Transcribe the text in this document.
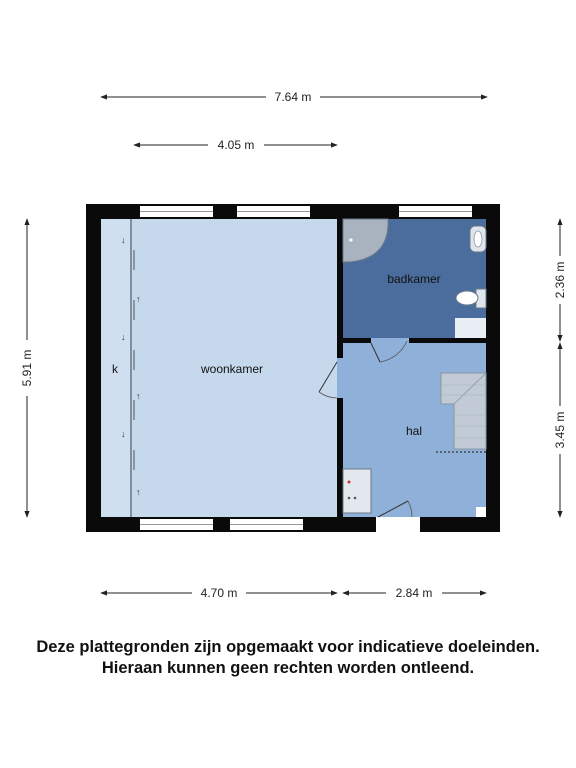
7.64 m
4.05 m
5.91 m
2.36 m
3.45 m
4.70 m	2.84 m
↓
↑
↓
↑
↓
↑
k	woonkamer
badkamer
hal
Deze plattegronden zijn opgemaakt voor indicatieve doeleinden.
Hieraan kunnen geen rechten worden ontleend.
